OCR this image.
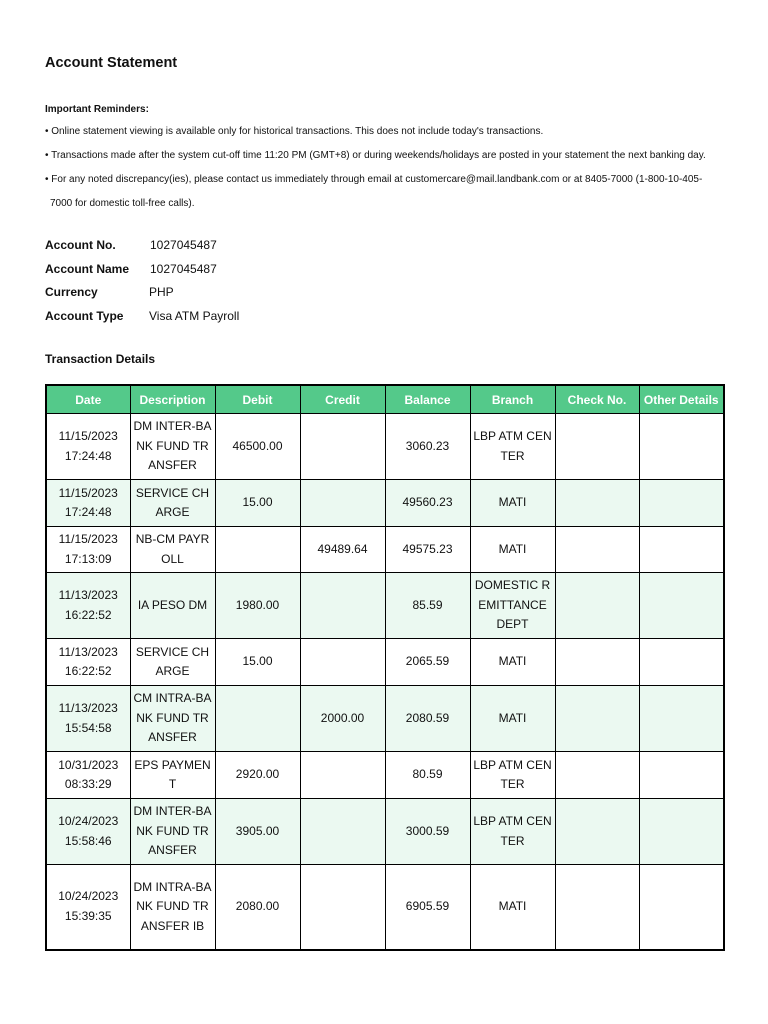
Account Statement
Important Reminders:
• Online statement viewing is available only for historical transactions. This does not include today's transactions.
• Transactions made after the system cut-off time 11:20 PM (GMT+8) or during weekends/holidays are posted in your statement the next banking day.
• For any noted discrepancy(ies), please contact us immediately through email at customercare@mail.landbank.com or at 8405-7000 (1-800-10-405-
7000 for domestic toll-free calls).
Account No.	1027045487
Account Name 1027045487
Currency	PHP
Account Type Visa ATM Payroll
Transaction Details
Date	Description	Debit	Credit	Balance	Branch	Check No.	Other Details
11/15/2023 17:24:48	DM INTER-BANK FUND TRANSFER	46500.00		3060.23	LBP ATM CENTER		
11/15/2023 17:24:48	SERVICE CHARGE	15.00		49560.23	MATI		
11/15/2023 17:13:09	NB-CM PAYROLL		49489.64	49575.23	MATI		
11/13/2023 16:22:52	IA PESO DM	1980.00		85.59	DOMESTIC REMITTANCE DEPT		
11/13/2023 16:22:52	SERVICE CHARGE	15.00		2065.59	MATI		
11/13/2023 15:54:58	CM INTRA-BANK FUND TRANSFER		2000.00	2080.59	MATI		
10/31/2023 08:33:29	EPS PAYMENT	2920.00		80.59	LBP ATM CENTER		
10/24/2023 15:58:46	DM INTER-BANK FUND TRANSFER	3905.00		3000.59	LBP ATM CENTER		
10/24/2023 15:39:35	DM INTRA-BANK FUND TRANSFER IB	2080.00		6905.59	MATI		
